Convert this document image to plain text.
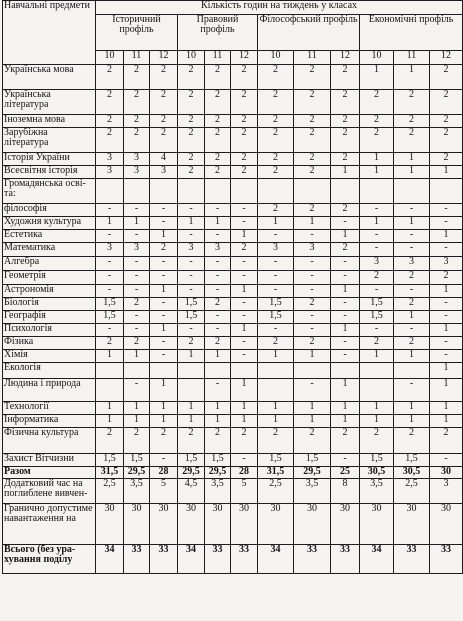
Навчальні предмети	Кількість годин на тиждень у класах											
	Історичний профіль			Правовий профіль			Філософський профіль			Економічні профіль		
	10	11	12	10	11	12	10	11	12	10	11	12
Українська мова	2	2	2	2	2	2	2	2	2	1	1	2
Українська література	2	2	2	2	2	2	2	2	2	2	2	2
Іноземна мова	2	2	2	2	2	2	2	2	2	2	2	2
Зарубіжна література	2	2	2	2	2	2	2	2	2	2	2	2
Історія України	3	3	4	2	2	2	2	2	2	1	1	2
Всесвітня історія	3	3	3	2	2	2	2	2	1	1	1	1
Громадянська освіта:												
філософія	-	-	-	-	-	-	2	2	2	-	-	-
Художня культура	1	1	-	1	1	-	1	1	-	1	1	-
Естетика	-	-	1	-	-	1	-	-	1	-	-	1
Математика	3	3	2	3	3	2	3	3	2	-	-	-
Алгебра	-	-	-	-	-	-	-	-	-	3	3	3
Геометрія	-	-	-	-	-	-	-	-	-	2	2	2
Астрономія	-	-	1	-	-	1	-	-	1	-	-	1
Біологія	1,5	2	-	1,5	2	-	1,5	2	-	1,5	2	-
Географія	1,5	-	-	1,5	-	-	1,5	-	-	1,5	1	-
Психологія	-	-	1	-	-	1	-	-	1	-	-	1
Фізика	2	2	-	2	2	-	2	2	-	2	2	-
Хімія	1	1	-	1	1	-	1	1	-	1	1	-
Екологія												1
Людина і природа		-	1		-	1		-	1		-	1
Технології	1	1	1	1	1	1	1	1	1	1	1	1
Інформатика	1	1	1	1	1	1	1	1	1	1	1	1
Фізична культура	2	2	2	2	2	2	2	2	2	2	2	2
Захист Вітчизни	1,5	1,5	-	1,5	1,5	-	1,5	1,5	-	1,5	1,5	-
Разом	31,5	29,5	28	29,5	29,5	28	31,5	29,5	25	30,5	30,5	30
Додатковий час на поглиблене вивчен-	2,5	3,5	5	4,5	3,5	5	2,5	3,5	8	3,5	2,5	3
Гранично допустиме навантаження на	30	30	30	30	30	30	30	30	30	30	30	30
Всього (без урахування поділу	34	33	33	34	33	33	34	33	33	34	33	33
